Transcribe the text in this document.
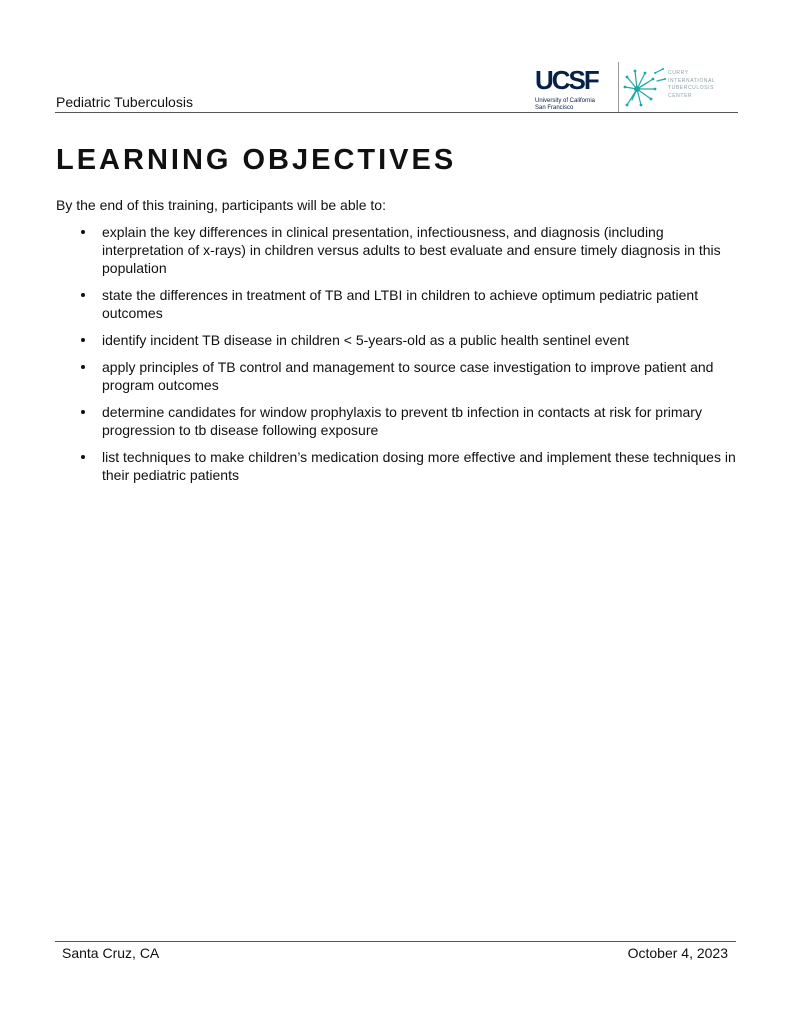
Pediatric Tuberculosis
UCSF
University of California
San Francisco
CURRY
INTERNATIONAL
TUBERCULOSIS
CENTER
LEARNING OBJECTIVES

By the end of this training, participants will be able to:

explain the key differences in clinical presentation, infectiousness, and diagnosis (including interpretation of x-rays) in children versus adults to best evaluate and ensure timely diagnosis in this population
state the differences in treatment of TB and LTBI in children to achieve optimum pediatric patient outcomes
identify incident TB disease in children < 5-years-old as a public health sentinel event
apply principles of TB control and management to source case investigation to improve patient and program outcomes
determine candidates for window prophylaxis to prevent tb infection in contacts at risk for primary progression to tb disease following exposure
list techniques to make children’s medication dosing more effective and implement these techniques in their pediatric patients
Santa Cruz, CA	October 4, 2023
